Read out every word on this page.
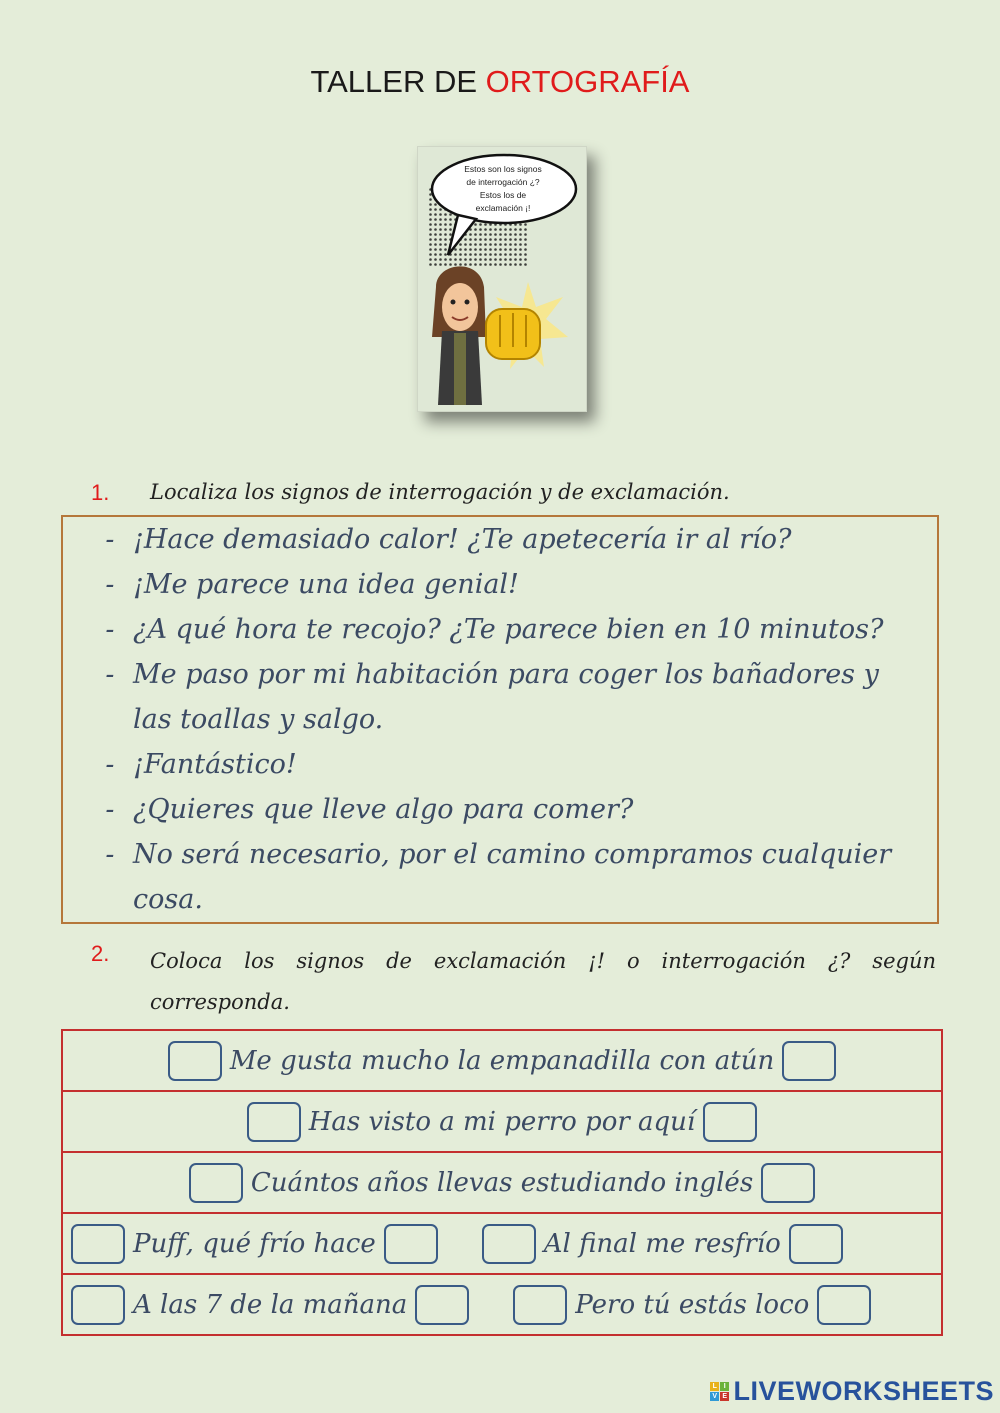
TALLER DE ORTOGRAFÍA
Estos son los signos
de interrogación ¿?
Estos los de
exclamación ¡!
1. Localiza los signos de interrogación y de exclamación.
- ¡Hace demasiado calor! ¿Te apetecería ir al río?
- ¡Me parece una idea genial!
- ¿A qué hora te recojo? ¿Te parece bien en 10 minutos?
- Me paso por mi habitación para coger los bañadores y las toallas y salgo.
- ¡Fantástico!
- ¿Quieres que lleve algo para comer?
- No será necesario, por el camino compramos cualquier cosa.
2. Coloca los signos de exclamación ¡! o interrogación ¿? según corresponda.
Me gusta mucho la empanadilla con atún
Has visto a mi perro por aquí
Cuántos años llevas estudiando inglés
Puff, qué frío hace	Al final me resfrío
A las 7 de la mañana	Pero tú estás loco
L I
V E LIVEWORKSHEETS
